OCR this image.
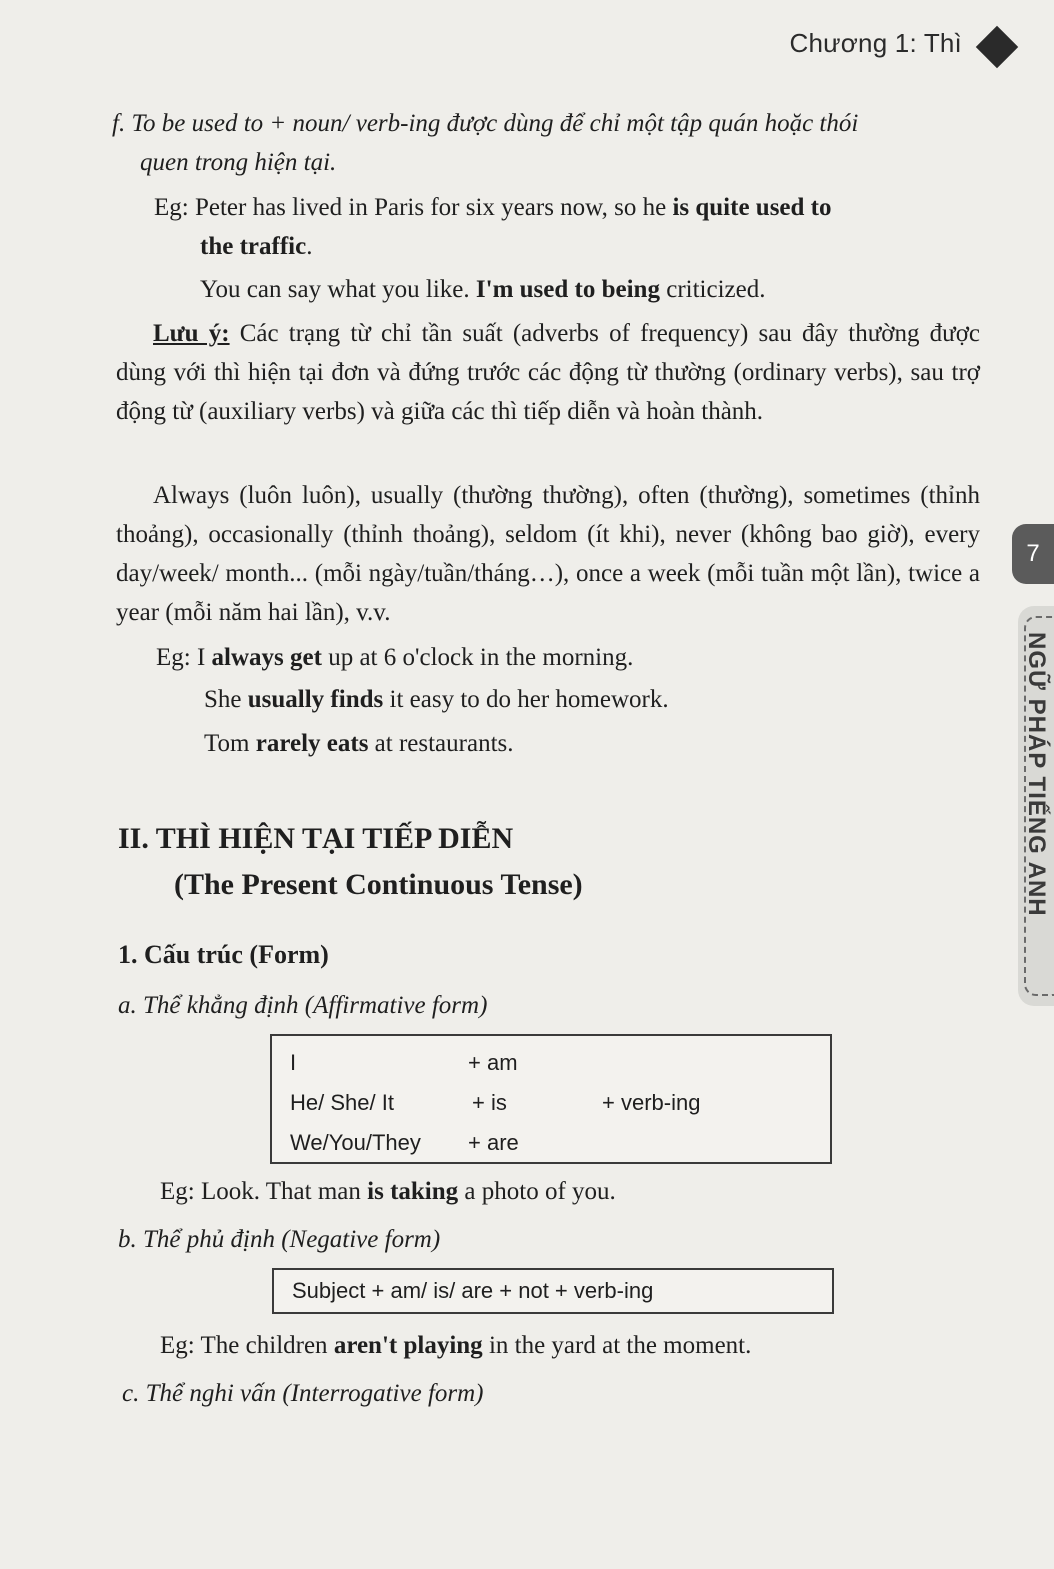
Chương 1: Thì
7
NGỮ PHÁP TIẾNG ANH
f. To be used to + noun/ verb-ing được dùng để chỉ một tập quán hoặc thói
quen trong hiện tại.
Eg: Peter has lived in Paris for six years now, so he is quite used to
the traffic.
You can say what you like. I'm used to being criticized.
Lưu ý: Các trạng từ chỉ tần suất (adverbs of frequency) sau đây thường được dùng với thì hiện tại đơn và đứng trước các động từ thường (ordinary verbs), sau trợ động từ (auxiliary verbs) và giữa các thì tiếp diễn và hoàn thành.
Always (luôn luôn), usually (thường thường), often (thường), sometimes (thỉnh thoảng), occasionally (thỉnh thoảng), seldom (ít khi), never (không bao giờ), every day/week/ month... (mỗi ngày/tuần/tháng…), once a week (mỗi tuần một lần), twice a year (mỗi năm hai lần), v.v.
Eg: I always get up at 6 o'clock in the morning.
She usually finds it easy to do her homework.
Tom rarely eats at restaurants.
II. THÌ HIỆN TẠI TIẾP DIỄN
(The Present Continuous Tense)
1. Cấu trúc (Form)
a. Thể khẳng định (Affirmative form)
I	+ am
He/ She/ It	+ is	+ verb-ing
We/You/They + are
Eg: Look. That man is taking a photo of you.
b. Thể phủ định (Negative form)
Subject + am/ is/ are + not + verb-ing
Eg: The children aren't playing in the yard at the moment.
c. Thể nghi vấn (Interrogative form)
